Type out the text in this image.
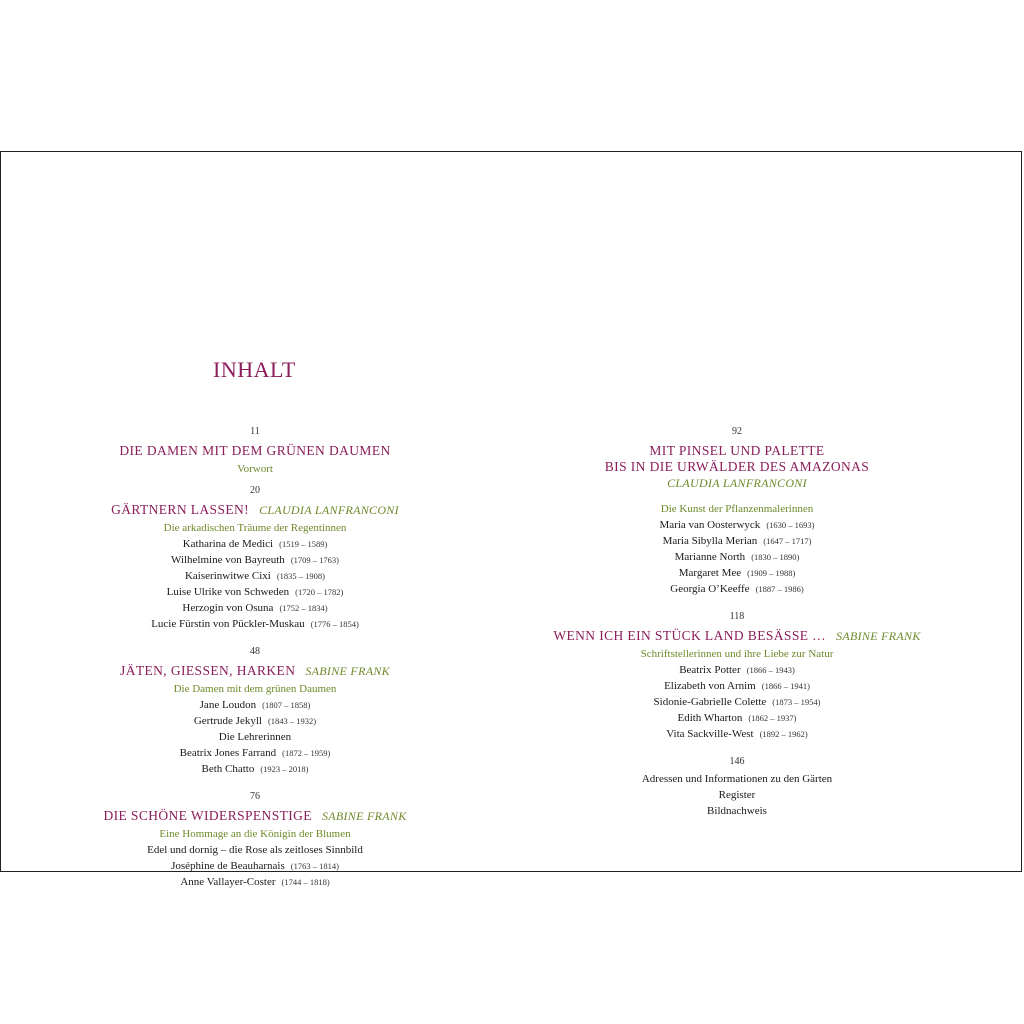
INHALT
11
DIE DAMEN MIT DEM GRÜNEN DAUMEN
Vorwort
20
GÄRTNERN LASSEN! CLAUDIA LANFRANCONI
Die arkadischen Träume der Regentinnen
Katharina de Medici (1519 – 1589)
Wilhelmine von Bayreuth (1709 – 1763)
Kaiserinwitwe Cixi (1835 – 1908)
Luise Ulrike von Schweden (1720 – 1782)
Herzogin von Osuna (1752 – 1834)
Lucie Fürstin von Pückler-Muskau (1776 – 1854)
48
JÄTEN, GIESSEN, HARKEN SABINE FRANK
Die Damen mit dem grünen Daumen
Jane Loudon (1807 – 1858)
Gertrude Jekyll (1843 – 1932)
Die Lehrerinnen
Beatrix Jones Farrand (1872 – 1959)
Beth Chatto (1923 – 2018)
76
DIE SCHÖNE WIDERSPENSTIGE SABINE FRANK
Eine Hommage an die Königin der Blumen
Edel und dornig – die Rose als zeitloses Sinnbild
Joséphine de Beauharnais (1763 – 1814)
Anne Vallayer-Coster (1744 – 1818)
92
MIT PINSEL UND PALETTE
BIS IN DIE URWÄLDER DES AMAZONAS
CLAUDIA LANFRANCONI
Die Kunst der Pflanzenmalerinnen
Maria van Oosterwyck (1630 – 1693)
Maria Sibylla Merian (1647 – 1717)
Marianne North (1830 – 1890)
Margaret Mee (1909 – 1988)
Georgia O’Keeffe (1887 – 1986)
118
WENN ICH EIN STÜCK LAND BESÄSSE … SABINE FRANK
Schriftstellerinnen und ihre Liebe zur Natur
Beatrix Potter (1866 – 1943)
Elizabeth von Arnim (1866 – 1941)
Sidonie-Gabrielle Colette (1873 – 1954)
Edith Wharton (1862 – 1937)
Vita Sackville-West (1892 – 1962)
146
Adressen und Informationen zu den Gärten
Register
Bildnachweis
